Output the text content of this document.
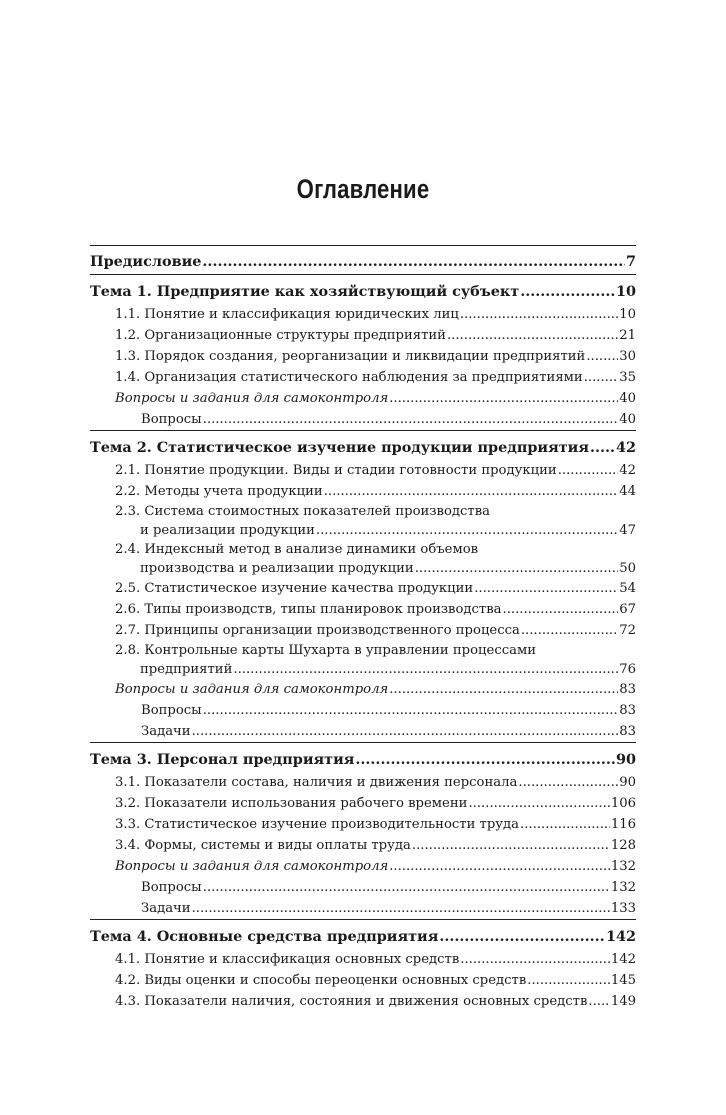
Оглавление
Предисловие .....	7
Тема 1. Предприятие как хозяйствующий субъект .....	10
1.1. Понятие и классификация юридических лиц .....	10
1.2. Организационные структуры предприятий .....	21
1.3. Порядок создания, реорганизации и ликвидации предприятий .....	30
1.4. Организация статистического наблюдения за предприятиями .....	35
Вопросы и задания для самоконтроля .....	40
Вопросы .....	40
Тема 2. Статистическое изучение продукции предприятия ..... 42
2.1. Понятие продукции. Виды и стадии готовности продукции .....	42
2.2. Методы учета продукции .....	44
2.3. Система стоимостных показателей производства
и реализации продукции .....	47
2.4. Индексный метод в анализе динамики объемов
производства и реализации продукции .....	50
2.5. Статистическое изучение качества продукции .....	54
2.6. Типы производств, типы планировок производства .....	67
2.7. Принципы организации производственного процесса .....	72
2.8. Контрольные карты Шухарта в управлении процессами
предприятий .....	76
Вопросы и задания для самоконтроля .....	83
Вопросы .....	83
Задачи .....	83
Тема 3. Персонал предприятия .....	90
3.1. Показатели состава, наличия и движения персонала .....	90
3.2. Показатели использования рабочего времени .....	106
3.3. Статистическое изучение производительности труда .....	116
3.4. Формы, системы и виды оплаты труда .....	128
Вопросы и задания для самоконтроля .....	132
Вопросы .....	132
Задачи .....	133
Тема 4. Основные средства предприятия .....	142
4.1. Понятие и классификация основных средств .....	142
4.2. Виды оценки и способы переоценки основных средств .....	145
4.3. Показатели наличия, состояния и движения основных средств ..... 149
